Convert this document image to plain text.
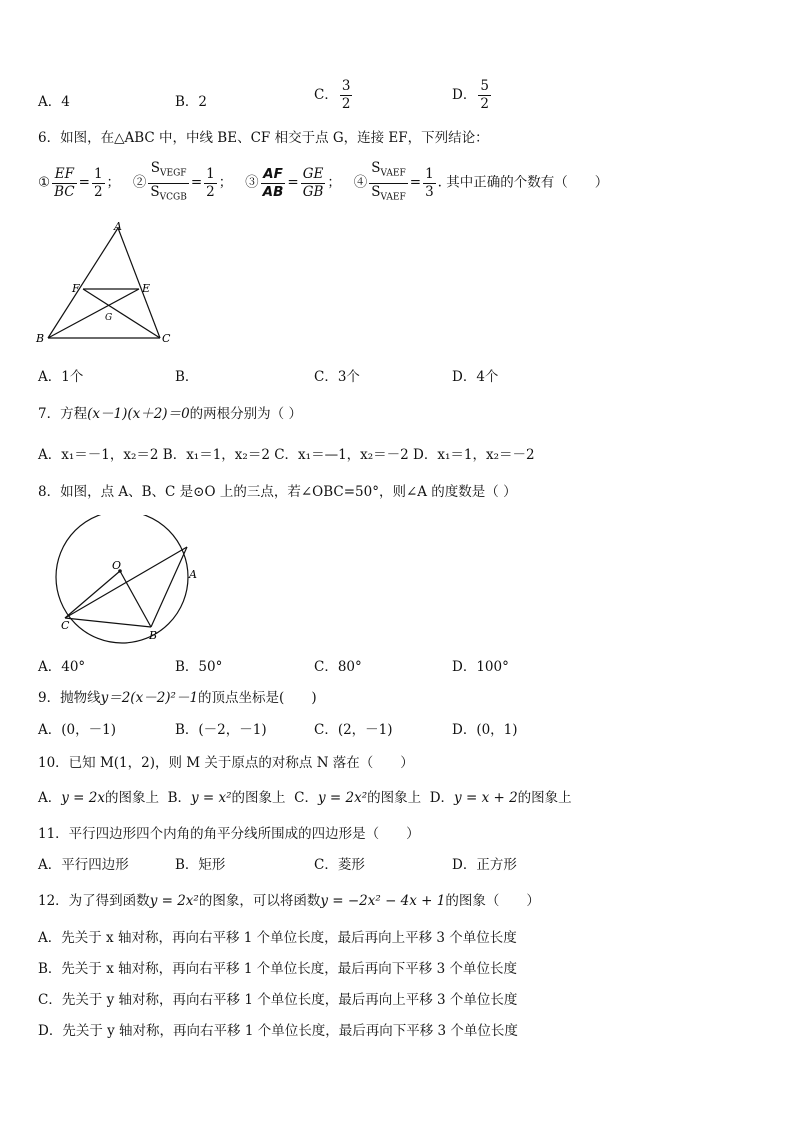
A．4	B．2	C． $\frac{3}{2}$	D． $\frac{5}{2}$
6．如图，在△ABC 中，中线 BE、CF 相交于点 G，连接 EF，下列结论：
① $\frac{EF}{BC} = \frac{1}{2}$ ； ② $\frac{S_{VEGF}}{S_{VCGB}} = \frac{1}{2}$ ； ③ $\frac{AF}{AB} = \frac{GE}{GB}$ ； ④ $\frac{S_{VAEF}}{S_{VAEF}} = \frac{1}{3}$ . 其中正确的个数有（　　）
A
B	C
E
F
G
A．1个	B．	C．3个	D．4个
7．方程(x－1)(x＋2)＝0的两根分别为（ ）
A．x₁＝－1，x₂＝2 B．x₁＝1，x₂＝2 C．x₁＝—1，x₂＝－2 D．x₁＝1，x₂＝－2
8．如图，点 A、B、C 是⊙O 上的三点，若∠OBC=50°，则∠A 的度数是（ ）
O
A
B
C
A．40°	B．50°	C．80°	D．100°
9．抛物线y＝2(x－2)²－1的顶点坐标是(　　)
A．(0，－1)	B．(－2，－1)	C．(2，－1)	D．(0，1)
10．已知 M(1，2)，则 M 关于原点的对称点 N 落在（　　）
A．y = 2x的图象上 B．y = x²的图象上 C．y = 2x²的图象上 D．y = x + 2的图象上
11．平行四边形四个内角的角平分线所围成的四边形是（　　）
A．平行四边形	B．矩形	C．菱形	D．正方形
12．为了得到函数y = 2x²的图象，可以将函数y = −2x² − 4x + 1的图象（　　）
A．先关于 x 轴对称，再向右平移 1 个单位长度，最后再向上平移 3 个单位长度
B．先关于 x 轴对称，再向右平移 1 个单位长度，最后再向下平移 3 个单位长度
C．先关于 y 轴对称，再向右平移 1 个单位长度，最后再向上平移 3 个单位长度
D．先关于 y 轴对称，再向右平移 1 个单位长度，最后再向下平移 3 个单位长度
